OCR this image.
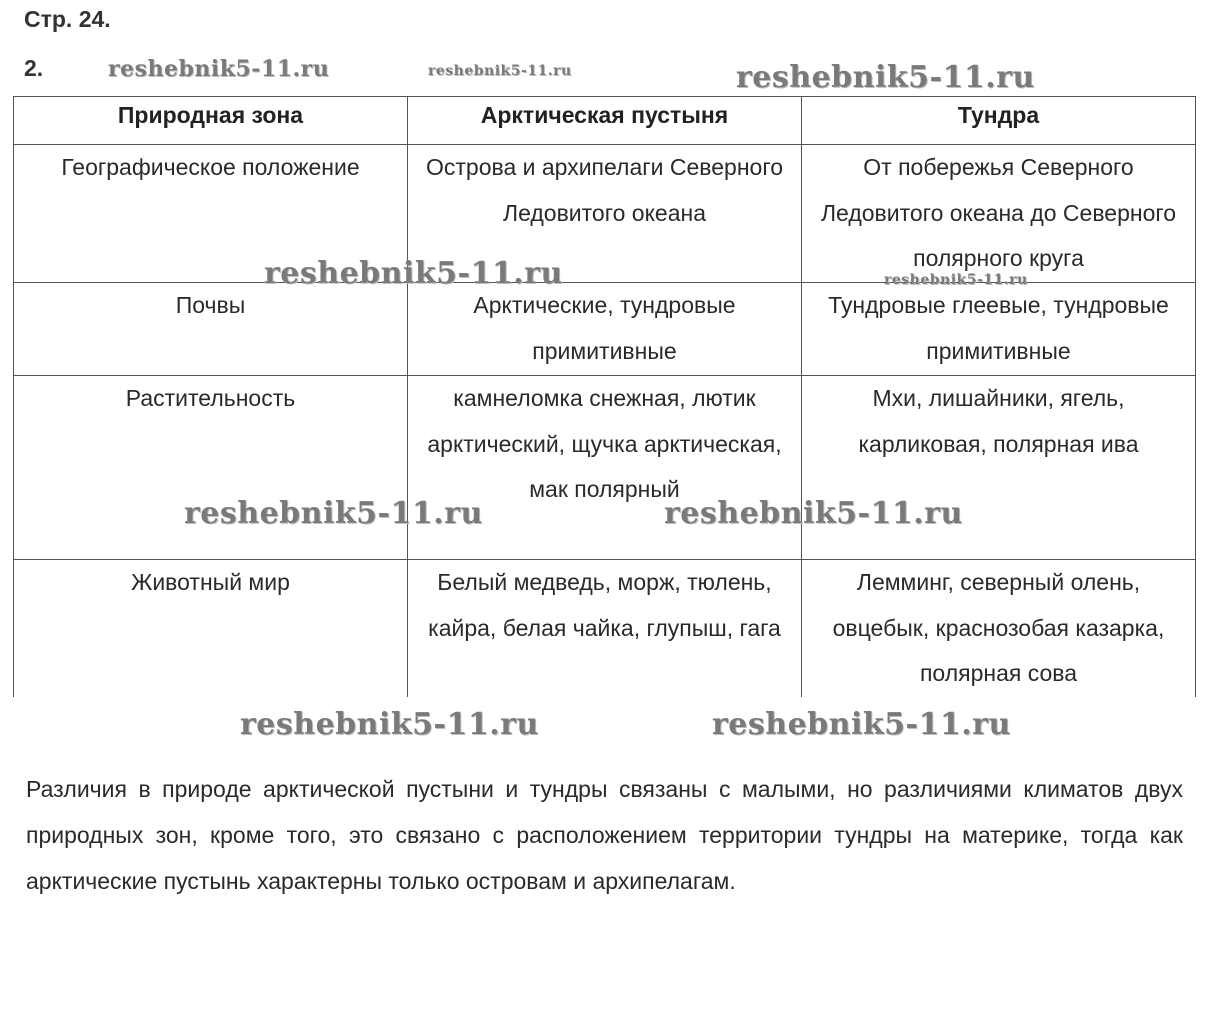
Стр. 24.
2.	reshebnik5-11.ru	reshebnik5-11.ru	reshebnik5-11.ru
reshebnik5-11.ru	reshebnik5-11.ru
reshebnik5-11.ru	reshebnik5-11.ru
reshebnik5-11.ru	reshebnik5-11.ru
Природная зона	Арктическая пустыня	Тундра
Географическое положение	Острова и архипелаги Северного Ледовитого океана	От побережья Северного Ледовитого океана до Северного полярного круга
Почвы	Арктические, тундровые примитивные	Тундровые глеевые, тундровые примитивные
Растительность	камнеломка снежная, лютик арктический, щучка арктическая, мак полярный	Мхи, лишайники, ягель, карликовая, полярная ива
Животный мир	Белый медведь, морж, тюлень, кайра, белая чайка, глупыш, гага	Лемминг, северный олень, овцебык, краснозобая казарка, полярная сова

Различия в природе арктической пустыни и тундры связаны с малыми, но различиями климатов двух природных зон, кроме того, это связано с расположением территории тундры на материке, тогда как арктические пустынь характерны только островам и архипелагам.
